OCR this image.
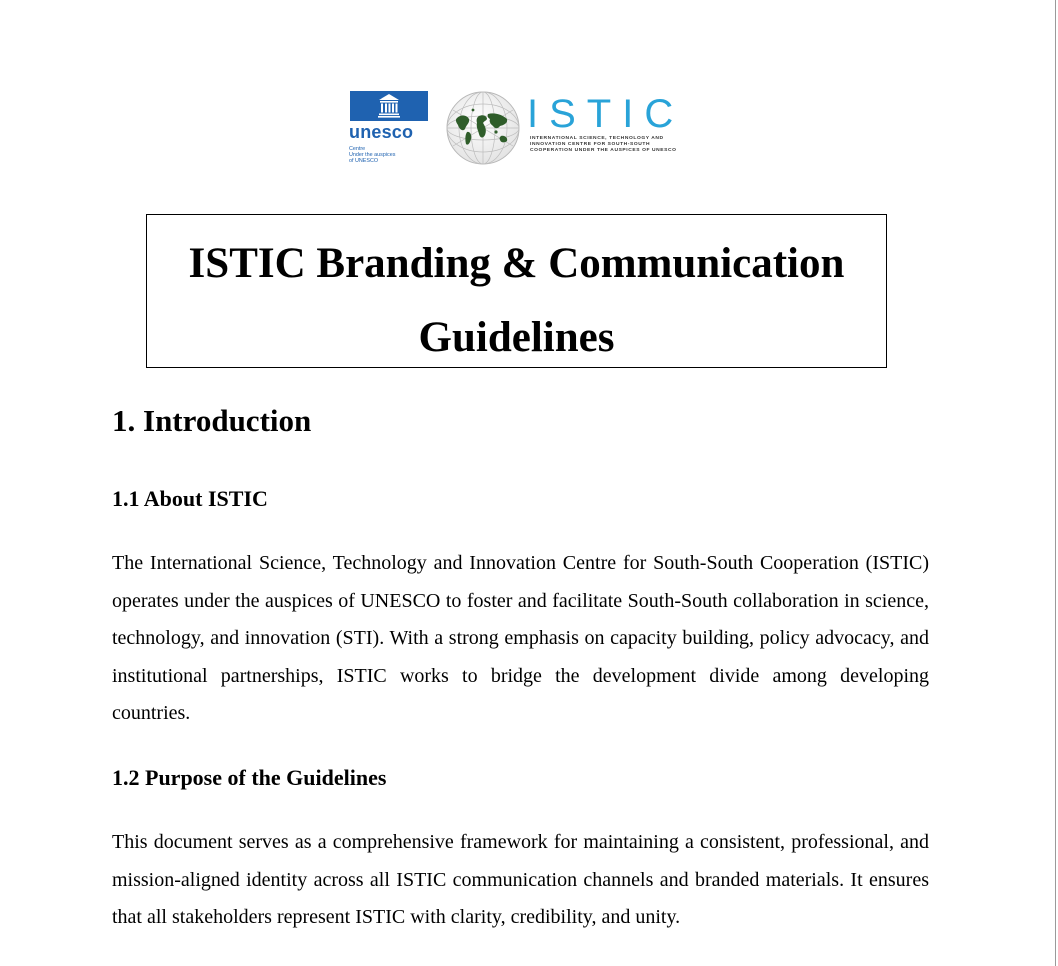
unesco
Centre
Under the auspices
of UNESCO
ISTIC
INTERNATIONAL SCIENCE, TECHNOLOGY AND
INNOVATION CENTRE FOR SOUTH-SOUTH
COOPERATION UNDER THE AUSPICES OF UNESCO
ISTIC Branding & Communication
Guidelines
1. Introduction
1.1 About ISTIC

The International Science, Technology and Innovation Centre for South-South Cooperation (ISTIC) operates under the auspices of UNESCO to foster and facilitate South-South collaboration in science, technology, and innovation (STI). With a strong emphasis on capacity building, policy advocacy, and institutional partnerships, ISTIC works to bridge the development divide among developing countries.

1.2 Purpose of the Guidelines

This document serves as a comprehensive framework for maintaining a consistent, professional, and mission-aligned identity across all ISTIC communication channels and branded materials. It ensures that all stakeholders represent ISTIC with clarity, credibility, and unity.
